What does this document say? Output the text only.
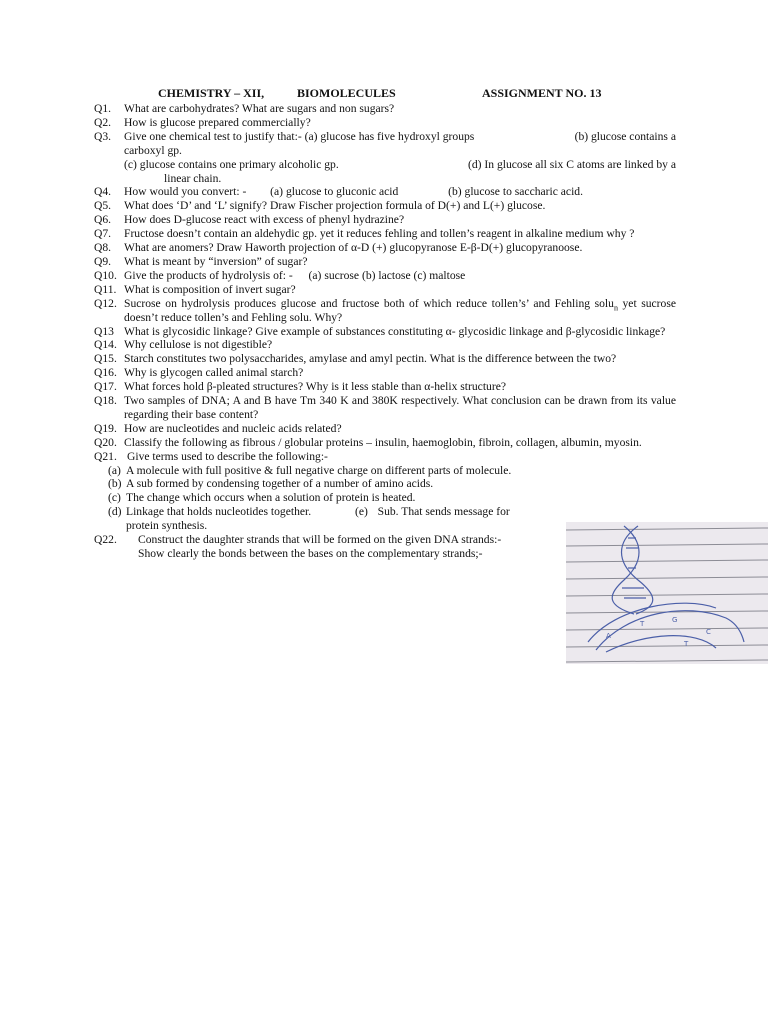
CHEMISTRY – XII,	BIOMOLECULES	ASSIGNMENT NO. 13
Q1.	What are carbohydrates? What are sugars and non sugars?
Q2.	How is glucose prepared commercially?
Q3.	Give one chemical test to justify that:- (a) glucose has five hydroxyl groups	(b) glucose contains a
carboxyl gp.
(c) glucose contains one primary alcoholic gp.	(d) In glucose all six C atoms are linked by a
linear chain.
Q4.	How would you convert: - (a) glucose to gluconic acid	(b) glucose to saccharic acid.
Q5.	What does ‘D’ and ‘L’ signify? Draw Fischer projection formula of D(+) and L(+) glucose.
Q6.	How does D-glucose react with excess of phenyl hydrazine?
Q7.	Fructose doesn’t contain an aldehydic gp. yet it reduces fehling and tollen’s reagent in alkaline medium why ?
Q8.	What are anomers? Draw Haworth projection of α-D (+) glucopyranose E-β-D(+) glucopyranoose.
Q9.	What is meant by “inversion” of sugar?
Q10. Give the products of hydrolysis of: - (a) sucrose (b) lactose (c) maltose
Q11. What is composition of invert sugar?
Q12. Sucrose on hydrolysis produces glucose and fructose both of which reduce tollen’s’ and Fehling solu$_n$ yet sucrose doesn’t reduce tollen’s and Fehling solu. Why?
Q13 What is glycosidic linkage? Give example of substances constituting α- glycosidic linkage and β-glycosidic linkage?
Q14. Why cellulose is not digestible?
Q15. Starch constitutes two polysaccharides, amylase and amyl pectin. What is the difference between the two?
Q16. Why is glycogen called animal starch?
Q17. What forces hold β-pleated structures? Why is it less stable than α-helix structure?
Q18. Two samples of DNA; A and B have Tm 340 K and 380K respectively. What conclusion can be drawn from its value regarding their base content?
Q19. How are nucleotides and nucleic acids related?
Q20. Classify the following as fibrous / globular proteins – insulin, haemoglobin, fibroin, collagen, albumin, myosin.
Q21. Give terms used to describe the following:-
(a) A molecule with full positive & full negative charge on different parts of molecule.
(b) A sub formed by condensing together of a number of amino acids.
(c) The change which occurs when a solution of protein is heated.
(d) Linkage that holds nucleotides together.	(e) Sub. That sends message for
protein synthesis.
Q22.	Construct the daughter strands that will be formed on the given DNA strands:-
Show clearly the bonds between the bases on the complementary strands;-
A
T	G
C
T
